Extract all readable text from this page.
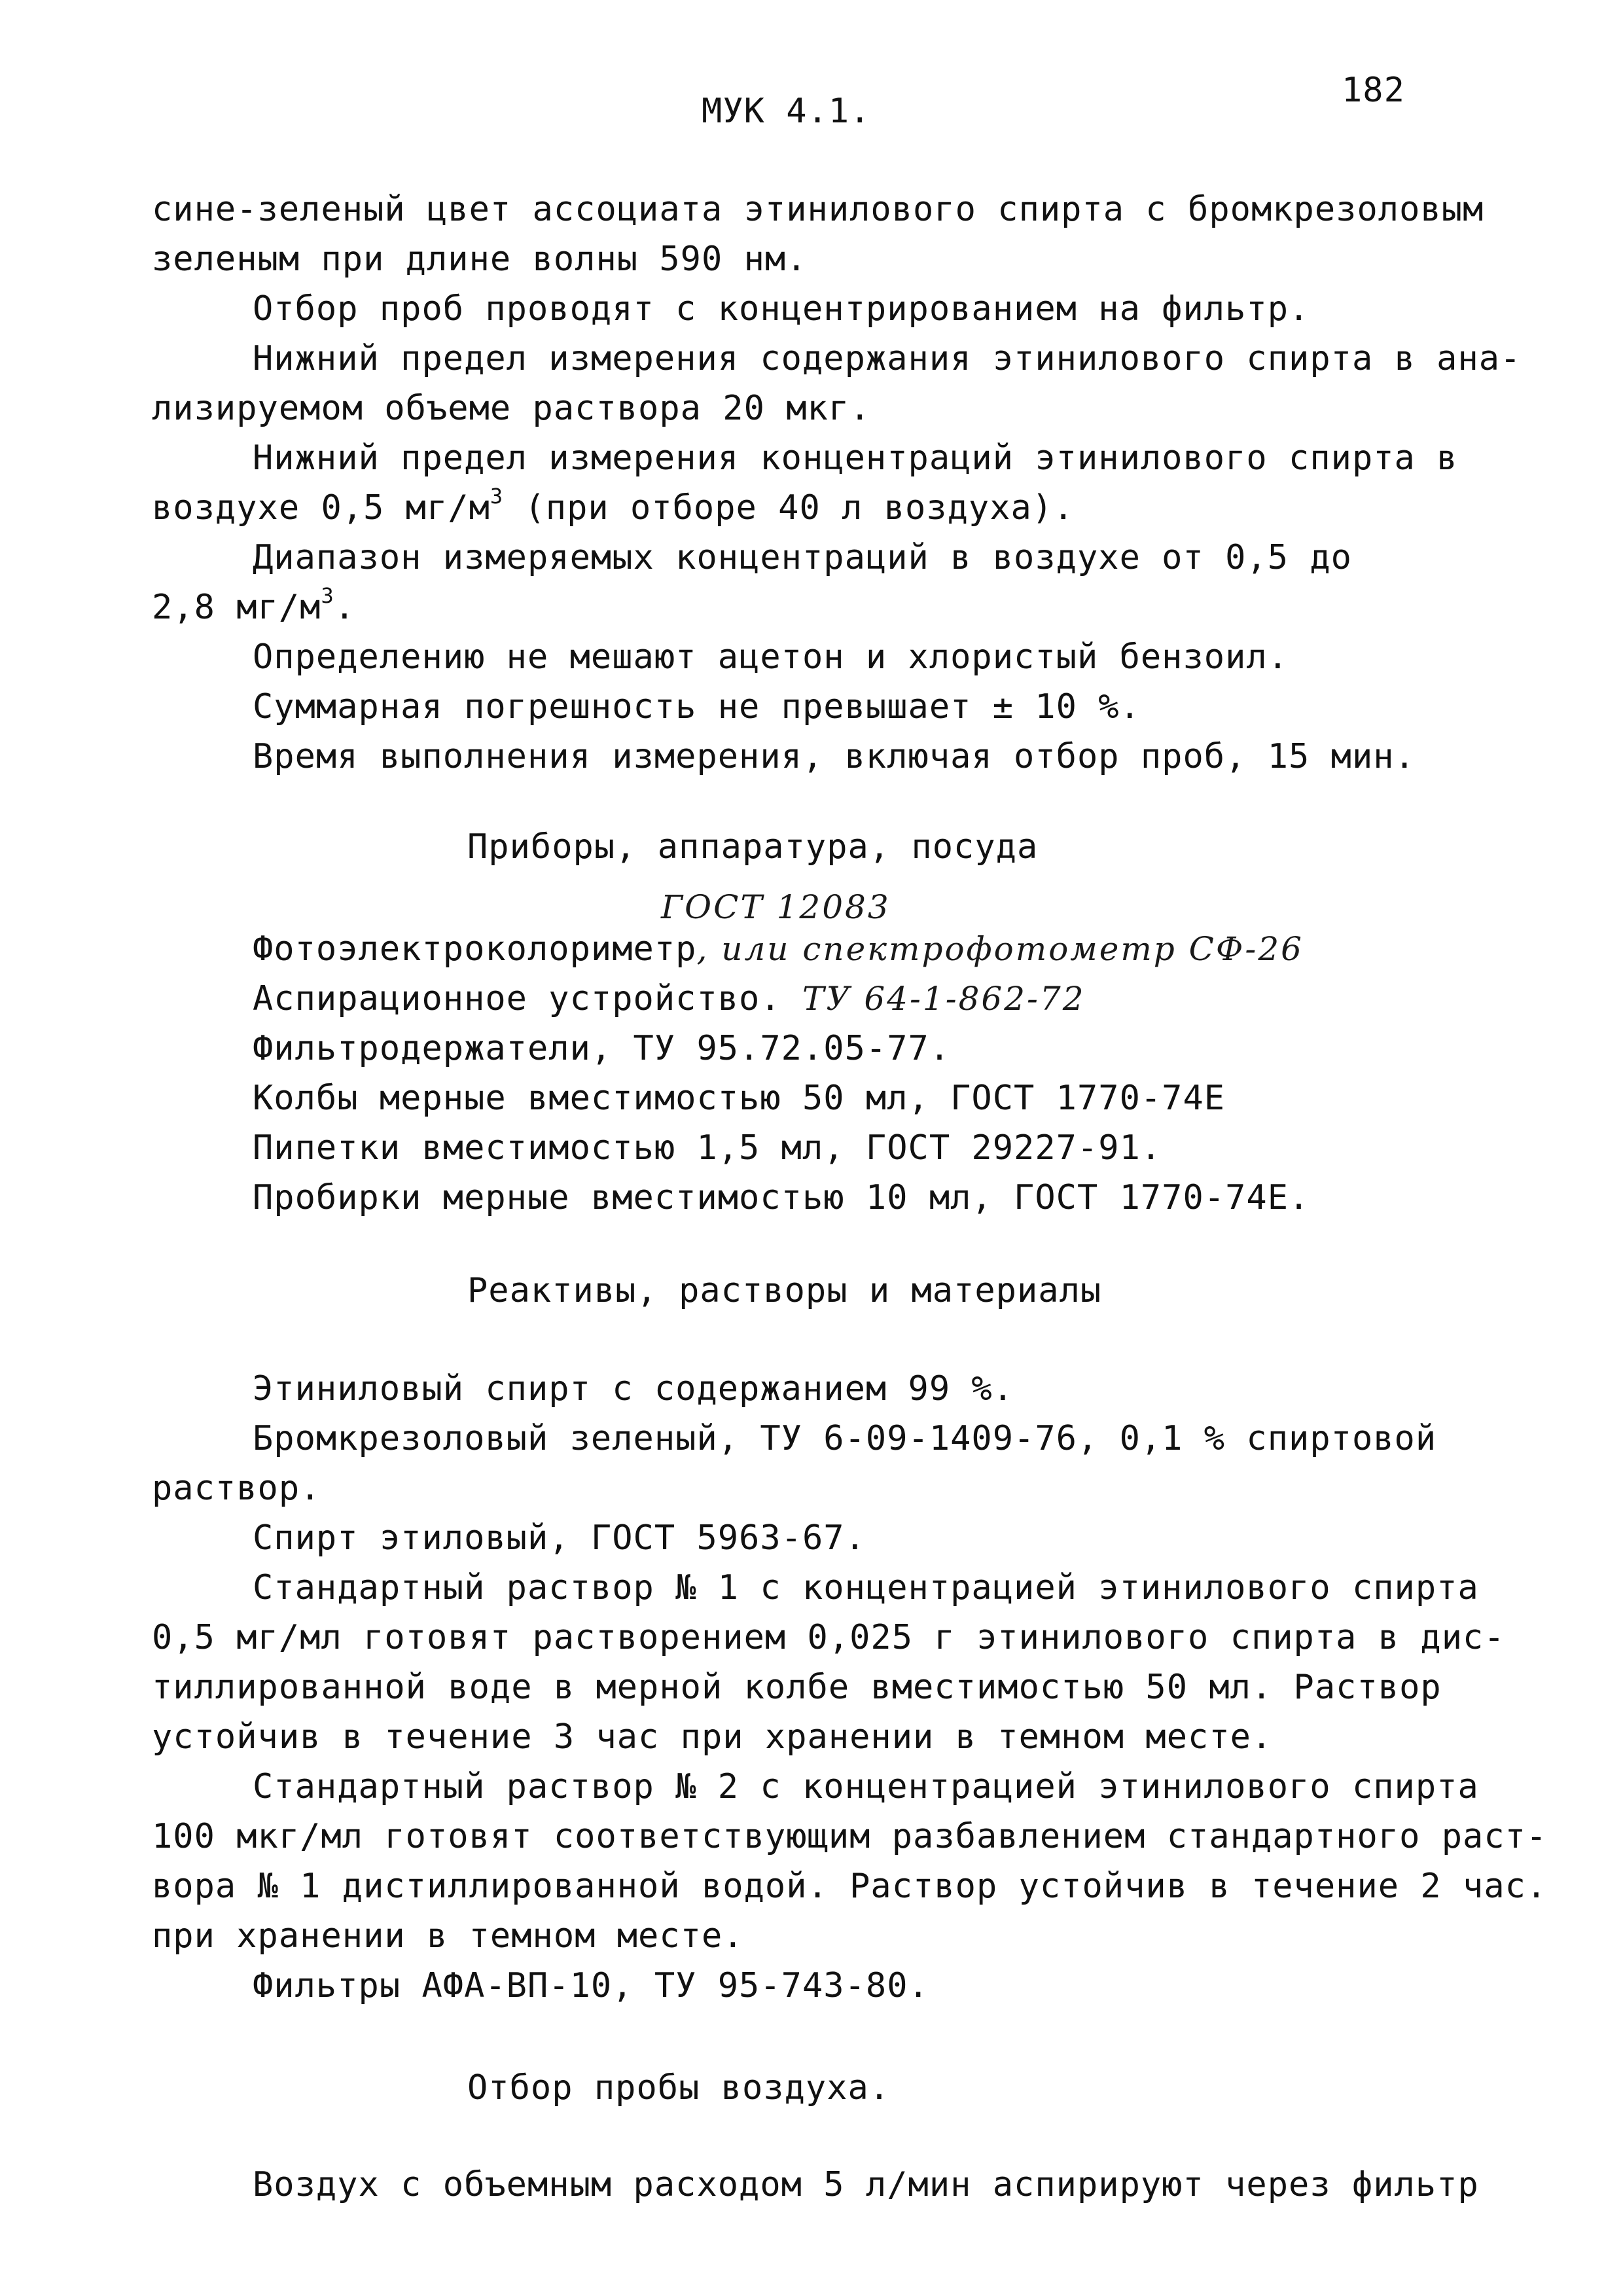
МУК 4.1.
182
сине-зеленый цвет ассоциата этинилового спирта с бромкрезоловым
зеленым при длине волны 590 нм.
Отбор проб проводят с концентрированием на фильтр.
Нижний предел измерения содержания этинилового спирта в ана-
лизируемом объеме раствора 20 мкг.
Нижний предел измерения концентраций этинилового спирта в
воздухе 0,5 $мг/м^3$ (при отборе 40 л воздуха).
Диапазон измеряемых концентраций в воздухе от 0,5 до
2,8 $мг/м^3$.
Определению не мешают ацетон и хлористый бензоил.
Суммарная погрешность не превышает ± 10 %.
Время выполнения измерения, включая отбор проб, 15 мин.
Приборы, аппаратура, посуда
ГОСТ 12083
Фотоэлектроколориметр, или спектрофотометр СФ-26
Аспирационное устройство. ТУ 64-1-862-72
Фильтродержатели, ТУ 95.72.05-77.
Колбы мерные вместимостью 50 мл, ГОСТ 1770-74Е
Пипетки вместимостью 1,5 мл, ГОСТ 29227-91.
Пробирки мерные вместимостью 10 мл, ГОСТ 1770-74Е.
Реактивы, растворы и материалы
Этиниловый спирт с содержанием 99 %.
Бромкрезоловый зеленый, ТУ 6-09-1409-76, 0,1 % спиртовой
раствор.
Спирт этиловый, ГОСТ 5963-67.
Стандартный раствор № 1 с концентрацией этинилового спирта
0,5 мг/мл готовят растворением 0,025 г этинилового спирта в дис-
тиллированной воде в мерной колбе вместимостью 50 мл. Раствор
устойчив в течение 3 час при хранении в темном месте.
Стандартный раствор № 2 с концентрацией этинилового спирта
100 мкг/мл готовят соответствующим разбавлением стандартного раст-
вора № 1 дистиллированной водой. Раствор устойчив в течение 2 час.
при хранении в темном месте.
Фильтры АФА-ВП-10, ТУ 95-743-80.
Отбор пробы воздуха.
Воздух с объемным расходом 5 л/мин аспирируют через фильтр
